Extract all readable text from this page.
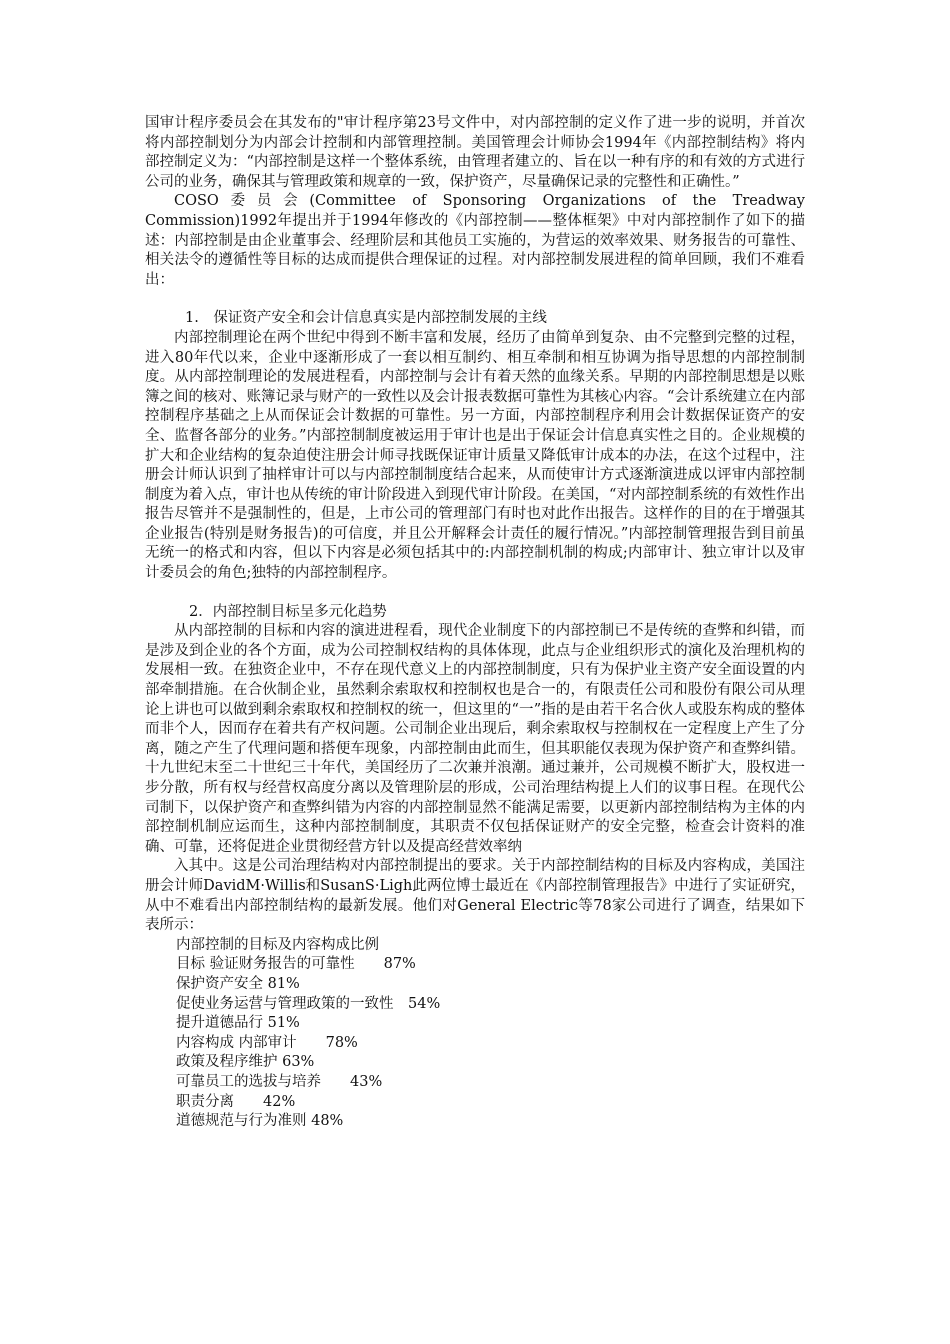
国审计程序委员会在其发布的"审计程序第23号文件中，对内部控制的定义作了进一步的说明，并首次将内部控制划分为内部会计控制和内部管理控制。美国管理会计师协会1994年《内部控制结构》将内部控制定义为：“内部控制是这样一个整体系统，由管理者建立的、旨在以一种有序的和有效的方式进行公司的业务，确保其与管理政策和规章的一致，保护资产，尽量确保记录的完整性和正确性。”

COSO委员会(Committee of Sponsoring Organizations of the Treadway Commission)1992年提出并于1994年修改的《内部控制——整体框架》中对内部控制作了如下的描述：内部控制是由企业董事会、经理阶层和其他员工实施的，为营运的效率效果、财务报告的可靠性、相关法令的遵循性等目标的达成而提供合理保证的过程。对内部控制发展进程的简单回顾，我们不难看出：

1.　保证资产安全和会计信息真实是内部控制发展的主线

内部控制理论在两个世纪中得到不断丰富和发展，经历了由简单到复杂、由不完整到完整的过程，进入80年代以来，企业中逐渐形成了一套以相互制约、相互牵制和相互协调为指导思想的内部控制制度。从内部控制理论的发展进程看，内部控制与会计有着天然的血缘关系。早期的内部控制思想是以账簿之间的核对、账簿记录与财产的一致性以及会计报表数据可靠性为其核心内容。“会计系统建立在内部控制程序基础之上从而保证会计数据的可靠性。另一方面，内部控制程序利用会计数据保证资产的安全、监督各部分的业务。”内部控制制度被运用于审计也是出于保证会计信息真实性之目的。企业规模的扩大和企业结构的复杂迫使注册会计师寻找既保证审计质量又降低审计成本的办法，在这个过程中，注册会计师认识到了抽样审计可以与内部控制制度结合起来，从而使审计方式逐渐演进成以评审内部控制制度为着入点，审计也从传统的审计阶段进入到现代审计阶段。在美国，“对内部控制系统的有效性作出报告尽管并不是强制性的，但是，上市公司的管理部门有时也对此作出报告。这样作的目的在于增强其企业报告(特别是财务报告)的可信度，并且公开解释会计责任的履行情况。”内部控制管理报告到目前虽无统一的格式和内容，但以下内容是必须包括其中的:内部控制机制的构成;内部审计、独立审计以及审计委员会的角色;独特的内部控制程序。

2．内部控制目标呈多元化趋势

从内部控制的目标和内容的演进进程看，现代企业制度下的内部控制已不是传统的查弊和纠错，而是涉及到企业的各个方面，成为公司控制权结构的具体体现，此点与企业组织形式的演化及治理机构的发展相一致。在独资企业中，不存在现代意义上的内部控制制度，只有为保护业主资产安全面设置的内部牵制措施。在合伙制企业，虽然剩余索取权和控制权也是合一的，有限责任公司和股份有限公司从理论上讲也可以做到剩余索取权和控制权的统一，但这里的“一”指的是由若干名合伙人或股东构成的整体而非个人，因而存在着共有产权问题。公司制企业出现后，剩余索取权与控制权在一定程度上产生了分离，随之产生了代理问题和搭便车现象，内部控制由此而生，但其职能仅表现为保护资产和查弊纠错。十九世纪末至二十世纪三十年代，美国经历了二次兼并浪潮。通过兼并，公司规模不断扩大，股权进一步分散，所有权与经营权高度分离以及管理阶层的形成，公司治理结构提上人们的议事日程。在现代公司制下，以保护资产和查弊纠错为内容的内部控制显然不能满足需要，以更新内部控制结构为主体的内部控制机制应运而生，这种内部控制制度，其职责不仅包括保证财产的安全完整，检查会计资料的准确、可靠，还将促进企业贯彻经营方针以及提高经营效率纳

入其中。这是公司治理结构对内部控制提出的要求。关于内部控制结构的目标及内容构成，美国注册会计师DavidM·Willis和SusanS·Ligh此两位博士最近在《内部控制管理报告》中进行了实证研究，从中不难看出内部控制结构的最新发展。他们对General Electric等78家公司进行了调查，结果如下表所示：

内部控制的目标及内容构成比例
目标 验证财务报告的可靠性　　87%
保护资产安全 81%
促使业务运营与管理政策的一致性　54%
提升道德品行 51%
内容构成 内部审计　　78%
政策及程序维护 63%
可靠员工的选拔与培养　　43%
职责分离　　42%
道德规范与行为准则 48%
